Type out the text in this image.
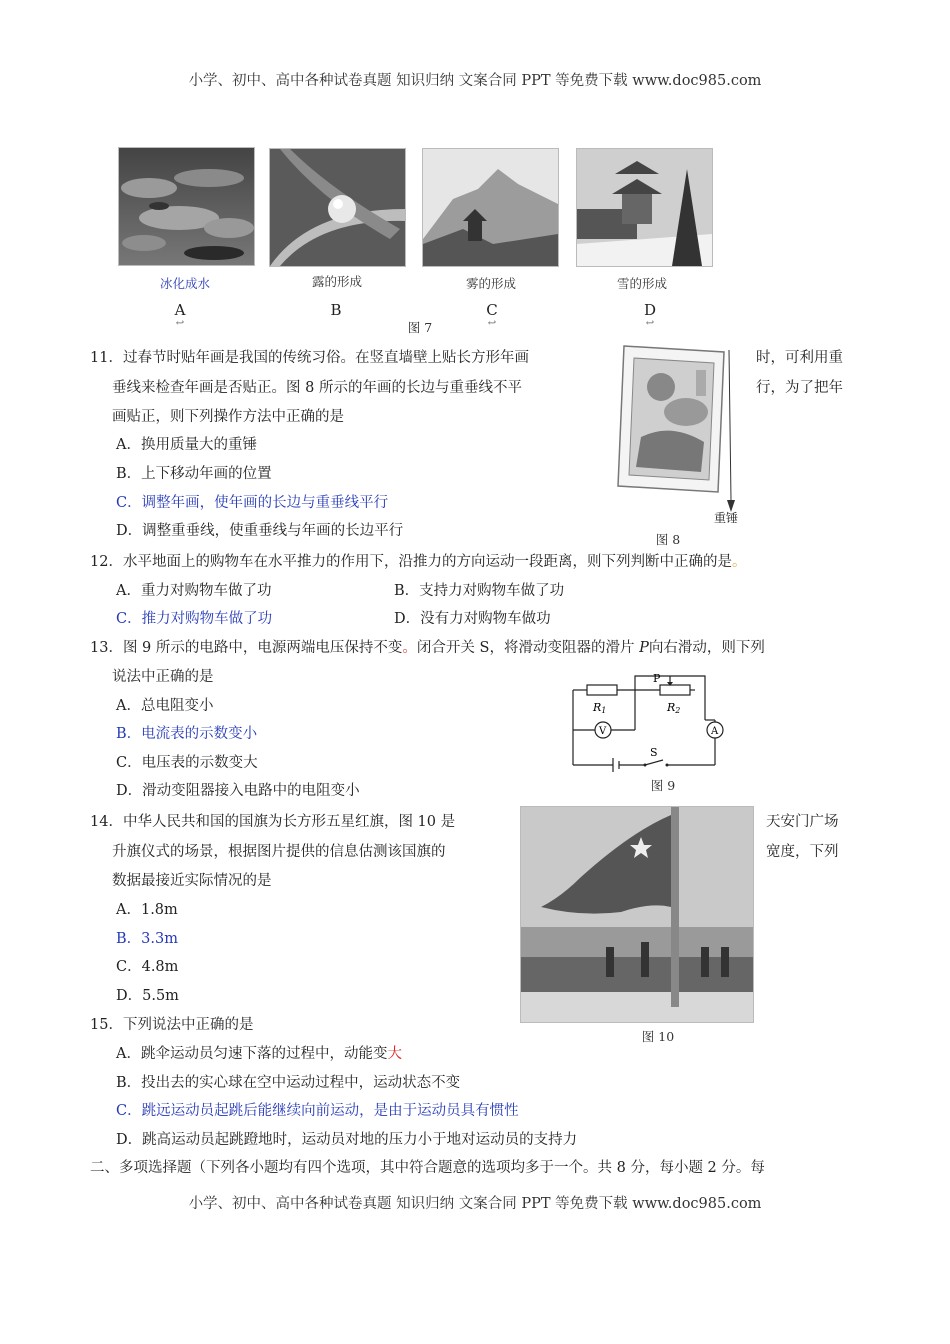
小学、初中、高中各种试卷真题 知识归纳 文案合同 PPT 等免费下载 www.doc985.com
小学、初中、高中各种试卷真题 知识归纳 文案合同 PPT 等免费下载 www.doc985.com
冰化成水	露的形成	雾的形成	雪的形成
A	B	C	D
↩	↩	↩
图 7
11．过春节时贴年画是我国的传统习俗。在竖直墙壁上贴长方形年画	时，可利用重
垂线来检查年画是否贴正。图 8 所示的年画的长边与重垂线不平	行，为了把年
画贴正，则下列操作方法中正确的是
A．换用质量大的重锤
B．上下移动年画的位置
C．调整年画，使年画的长边与重垂线平行
D．调整重垂线，使重垂线与年画的长边平行
重锤
图 8
12．水平地面上的购物车在水平推力的作用下，沿推力的方向运动一段距离，则下列判断中正确的是。
A．重力对购物车做了功	B．支持力对购物车做了功
C．推力对购物车做了功	D．没有力对购物车做功
13．图 9 所示的电路中，电源两端电压保持不变。闭合开关 S，将滑动变阻器的滑片 P向右滑动，则下列
说法中正确的是
A．总电阻变小
B．电流表的示数变小
C．电压表的示数变大
D．滑动变阻器接入电路中的电阻变小
P
R1	R2
V	A
S
图 9
14．中华人民共和国的国旗为长方形五星红旗，图 10 是	天安门广场
升旗仪式的场景，根据图片提供的信息估测该国旗的	宽度，下列
数据最接近实际情况的是
A．1.8m
B．3.3m
C．4.8m
D．5.5m
图 10
15．下列说法中正确的是
A．跳伞运动员匀速下落的过程中，动能变大
B．投出去的实心球在空中运动过程中，运动状态不变
C．跳远运动员起跳后能继续向前运动，是由于运动员具有惯性
D．跳高运动员起跳蹬地时，运动员对地的压力小于地对运动员的支持力
二、多项选择题（下列各小题均有四个选项，其中符合题意的选项均多于一个。共 8 分，每小题 2 分。每
